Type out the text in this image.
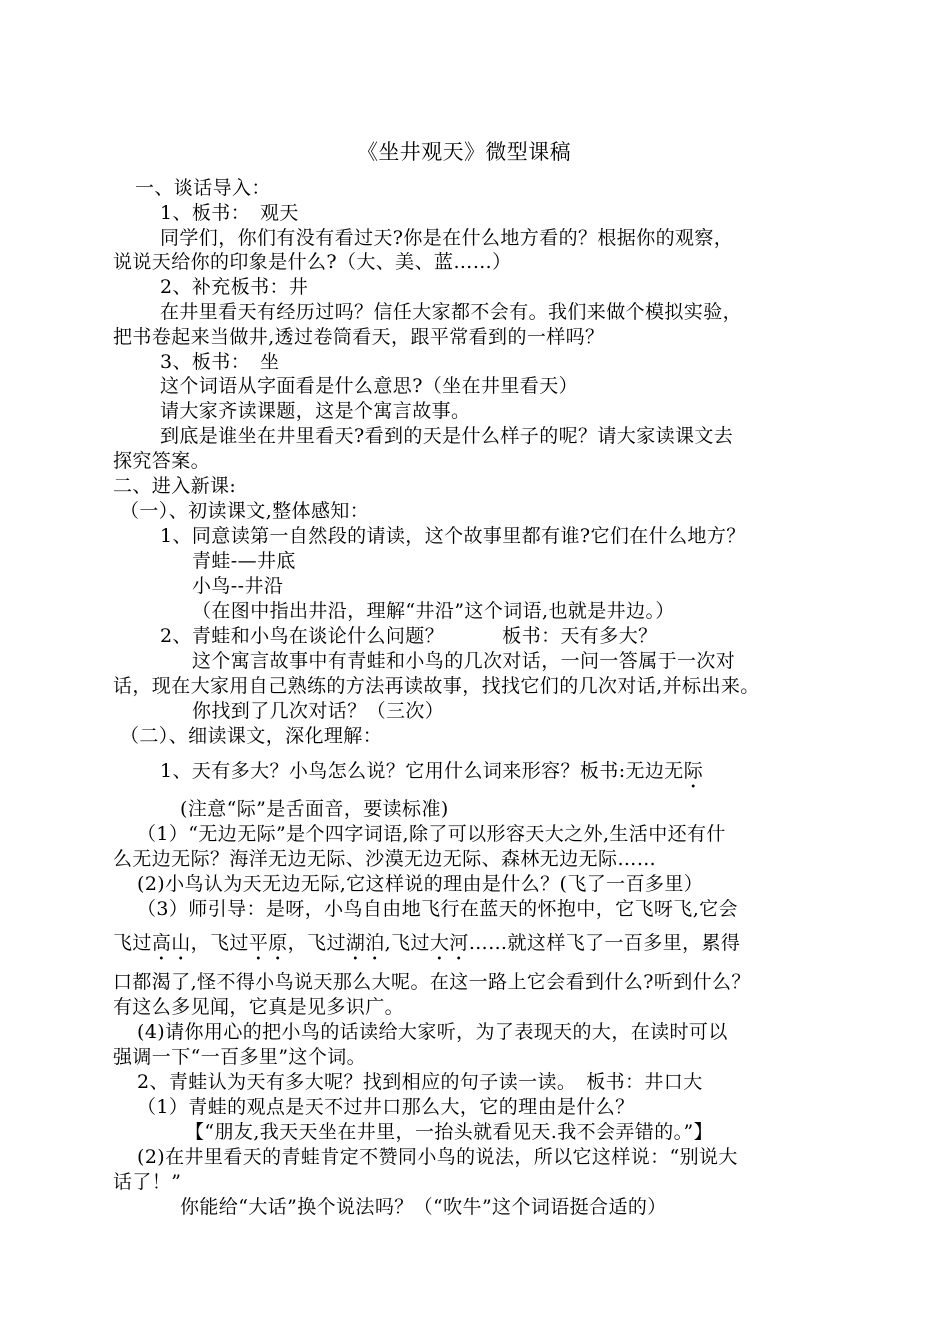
《坐井观天》微型课稿
一、谈话导入：
1、板书：　观天
同学们，你们有没有看过天?你是在什么地方看的？根据你的观察，
说说天给你的印象是什么?（大、美、蓝……）
2、补充板书：井
在井里看天有经历过吗？信任大家都不会有。我们来做个模拟实验，
把书卷起来当做井,透过卷筒看天，跟平常看到的一样吗？
3、板书：　坐
这个词语从字面看是什么意思?（坐在井里看天）
请大家齐读课题，这是个寓言故事。
到底是谁坐在井里看天?看到的天是什么样子的呢？请大家读课文去
探究答案。
二、进入新课:
（一）、初读课文,整体感知：
1、同意读第一自然段的请读，这个故事里都有谁?它们在什么地方？
青蛙-—井底
小鸟--井沿
（在图中指出井沿，理解“井沿”这个词语,也就是井边。）
2、青蛙和小鸟在谈论什么问题？　　　板书：天有多大？
这个寓言故事中有青蛙和小鸟的几次对话，一问一答属于一次对
话，现在大家用自己熟练的方法再读故事，找找它们的几次对话,并标出来。
你找到了几次对话？（三次）
（二）、细读课文，深化理解：
1、天有多大？小鸟怎么说？它用什么词来形容？板书:无边无际
(注意“际”是舌面音，要读标准)
（1）“无边无际”是个四字词语,除了可以形容天大之外,生活中还有什
么无边无际？海洋无边无际、沙漠无边无际、森林无边无际……
(2)小鸟认为天无边无际,它这样说的理由是什么？(飞了一百多里）
（3）师引导：是呀，小鸟自由地飞行在蓝天的怀抱中，它飞呀飞,它会
飞过高山，飞过平原，飞过湖泊,飞过大河……就这样飞了一百多里，累得
口都渴了,怪不得小鸟说天那么大呢。在这一路上它会看到什么?听到什么？
有这么多见闻，它真是见多识广。
(4)请你用心的把小鸟的话读给大家听，为了表现天的大，在读时可以
强调一下“一百多里”这个词。
2、青蛙认为天有多大呢？找到相应的句子读一读。　板书：井口大
（1）青蛙的观点是天不过井口那么大，它的理由是什么？
【“朋友,我天天坐在井里，一抬头就看见天.我不会弄错的。”】
(2)在井里看天的青蛙肯定不赞同小鸟的说法，所以它这样说：“别说大
话了！”
你能给“大话”换个说法吗？（“吹牛”这个词语挺合适的）
